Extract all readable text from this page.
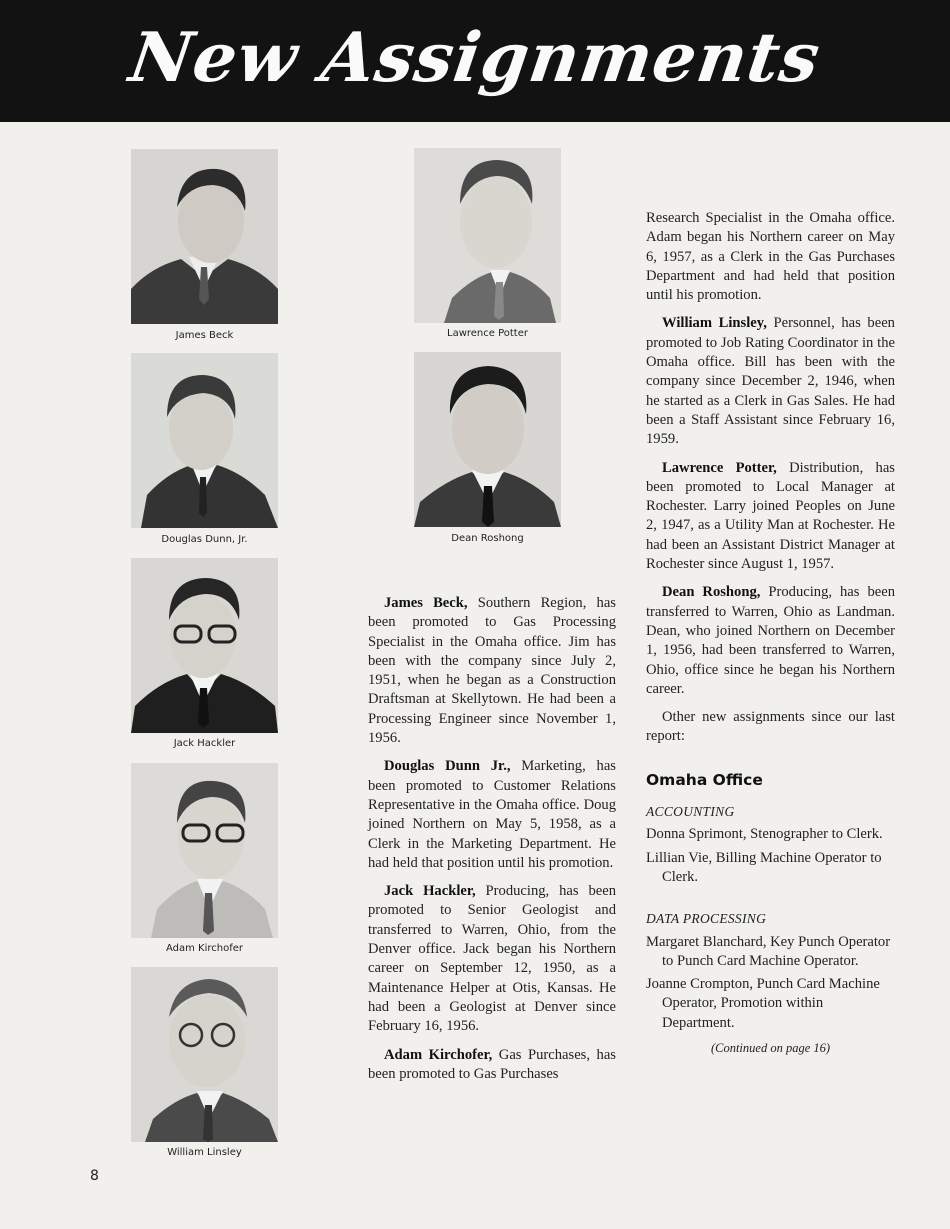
New Assignments
James Beck
Douglas Dunn, Jr.
Jack Hackler
Adam Kirchofer
William Linsley
Lawrence Potter
Dean Roshong

James Beck, Southern Region, has been promoted to Gas Processing Specialist in the Omaha office. Jim has been with the company since July 2, 1951, when he began as a Construction Draftsman at Skellytown. He had been a Processing Engineer since November 1, 1956.

Douglas Dunn Jr., Marketing, has been promoted to Customer Relations Representative in the Omaha office. Doug joined Northern on May 5, 1958, as a Clerk in the Marketing Department. He had held that position until his promotion.

Jack Hackler, Producing, has been promoted to Senior Geologist and transferred to Warren, Ohio, from the Denver office. Jack began his Northern career on September 12, 1950, as a Maintenance Helper at Otis, Kansas. He had been a Geologist at Denver since February 16, 1956.

Adam Kirchofer, Gas Purchases, has been promoted to Gas Purchases

Research Specialist in the Omaha office. Adam began his Northern career on May 6, 1957, as a Clerk in the Gas Purchases Department and had held that position until his promotion.

William Linsley, Personnel, has been promoted to Job Rating Coordinator in the Omaha office. Bill has been with the company since December 2, 1946, when he started as a Clerk in Gas Sales. He had been a Staff Assistant since February 16, 1959.

Lawrence Potter, Distribution, has been promoted to Local Manager at Rochester. Larry joined Peoples on June 2, 1947, as a Utility Man at Rochester. He had been an Assistant District Manager at Rochester since August 1, 1957.

Dean Roshong, Producing, has been transferred to Warren, Ohio as Landman. Dean, who joined Northern on December 1, 1956, had been transferred to Warren, Ohio, office since he began his Northern career.

Other new assignments since our last report:

Omaha Office
ACCOUNTING
Donna Sprimont, Stenographer to Clerk.
Lillian Vie, Billing Machine Operator to Clerk.
DATA PROCESSING
Margaret Blanchard, Key Punch Operator to Punch Card Machine Operator.
Joanne Crompton, Punch Card Machine Operator, Promotion within Department.
(Continued on page 16)
8
